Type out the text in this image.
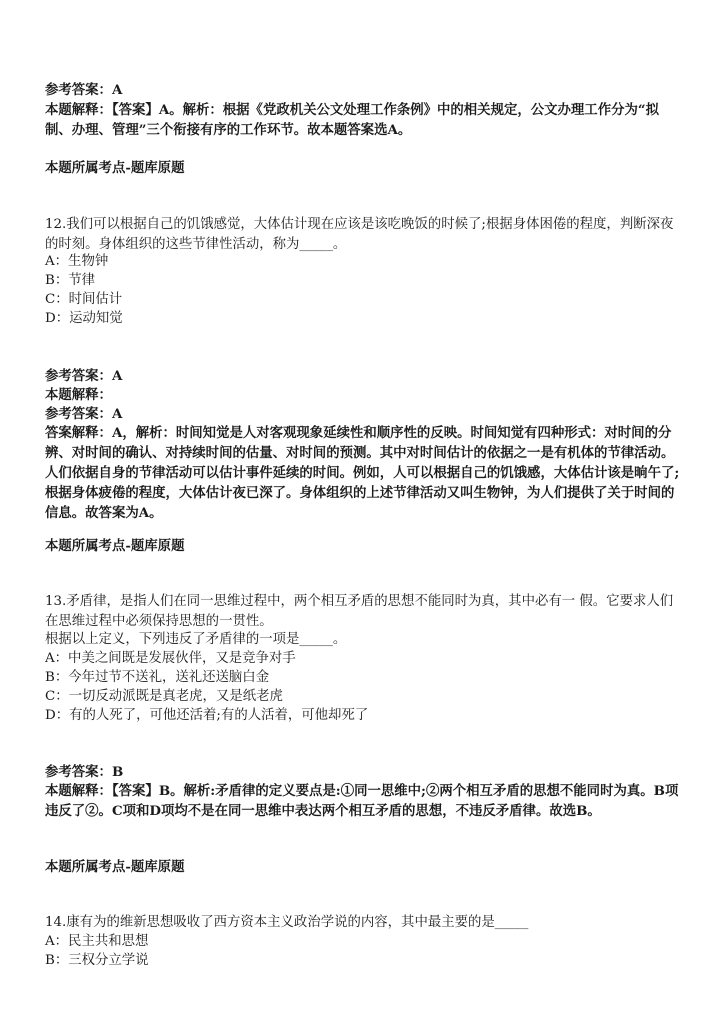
参考答案：A
本题解释：【答案】A。解析：根据《党政机关公文处理工作条例》中的相关规定，公文办理工作分为“拟制、办理、管理”三个衔接有序的工作环节。故本题答案选A。
本题所属考点-题库原题
12.我们可以根据自己的饥饿感觉，大体估计现在应该是该吃晚饭的时候了;根据身体困倦的程度，判断深夜的时刻。身体组织的这些节律性活动，称为_____。
A：生物钟
B：节律
C：时间估计
D：运动知觉
参考答案：A
本题解释：
参考答案：A
答案解释：A，解析：时间知觉是人对客观现象延续性和顺序性的反映。时间知觉有四种形式：对时间的分辨、对时间的确认、对持续时间的估量、对时间的预测。其中对时间估计的依据之一是有机体的节律活动。人们依据自身的节律活动可以估计事件延续的时间。例如，人可以根据自己的饥饿感，大体估计该是晌午了;根据身体疲倦的程度，大体估计夜已深了。身体组织的上述节律活动又叫生物钟，为人们提供了关于时间的信息。故答案为A。
本题所属考点-题库原题
13.矛盾律，是指人们在同一思维过程中，两个相互矛盾的思想不能同时为真，其中必有一 假。它要求人们在思维过程中必须保持思想的一贯性。
根据以上定义，下列违反了矛盾律的一项是_____。
A：中美之间既是发展伙伴，又是竞争对手
B：今年过节不送礼，送礼还送脑白金
C：一切反动派既是真老虎，又是纸老虎
D：有的人死了，可他还活着;有的人活着，可他却死了
参考答案：B
本题解释：【答案】B。解析:矛盾律的定义要点是:①同一思维中;②两个相互矛盾的思想不能同时为真。B项违反了②。C项和D项均不是在同一思维中表达两个相互矛盾的思想，不违反矛盾律。故选B。
本题所属考点-题库原题
14.康有为的维新思想吸收了西方资本主义政治学说的内容，其中最主要的是_____
A：民主共和思想
B：三权分立学说
